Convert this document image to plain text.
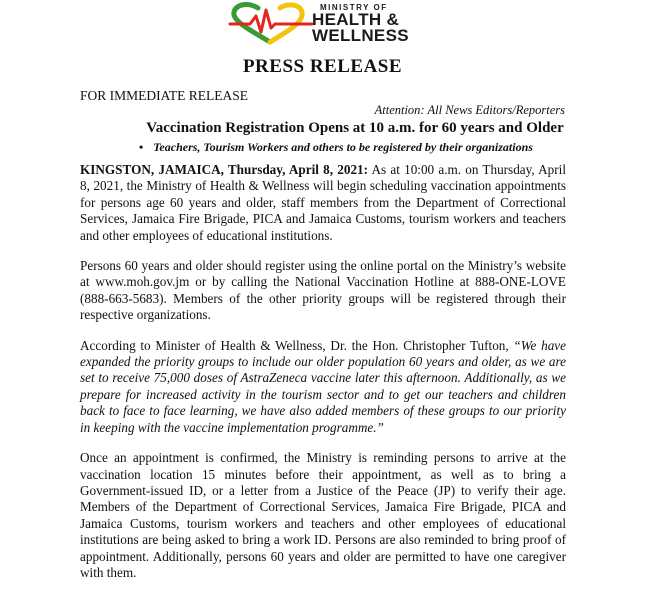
MINISTRY OF
HEALTH &
WELLNESS
PRESS RELEASE
FOR IMMEDIATE RELEASE
Attention: All News Editors/Reporters
Vaccination Registration Opens at 10 a.m. for 60 years and Older
• Teachers, Tourism Workers and others to be registered by their organizations

KINGSTON, JAMAICA, Thursday, April 8, 2021: As at 10:00 a.m. on Thursday, April 8, 2021, the Ministry of Health & Wellness will begin scheduling vaccination appointments for persons age 60 years and older, staff members from the Department of Correctional Services, Jamaica Fire Brigade, PICA and Jamaica Customs, tourism workers and teachers and other employees of educational institutions.

Persons 60 years and older should register using the online portal on the Ministry’s website at www.moh.gov.jm or by calling the National Vaccination Hotline at 888-ONE-LOVE (888-663-5683). Members of the other priority groups will be registered through their respective organizations.

According to Minister of Health & Wellness, Dr. the Hon. Christopher Tufton, “We have expanded the priority groups to include our older population 60 years and older, as we are set to receive 75,000 doses of AstraZeneca vaccine later this afternoon. Additionally, as we prepare for increased activity in the tourism sector and to get our teachers and children back to face to face learning, we have also added members of these groups to our priority in keeping with the vaccine implementation programme.”

Once an appointment is confirmed, the Ministry is reminding persons to arrive at the vaccination location 15 minutes before their appointment, as well as to bring a Government-issued ID, or a letter from a Justice of the Peace (JP) to verify their age. Members of the Department of Correctional Services, Jamaica Fire Brigade, PICA and Jamaica Customs, tourism workers and teachers and other employees of educational institutions are being asked to bring a work ID. Persons are also reminded to bring proof of appointment. Additionally, persons 60 years and older are permitted to have one caregiver with them.
